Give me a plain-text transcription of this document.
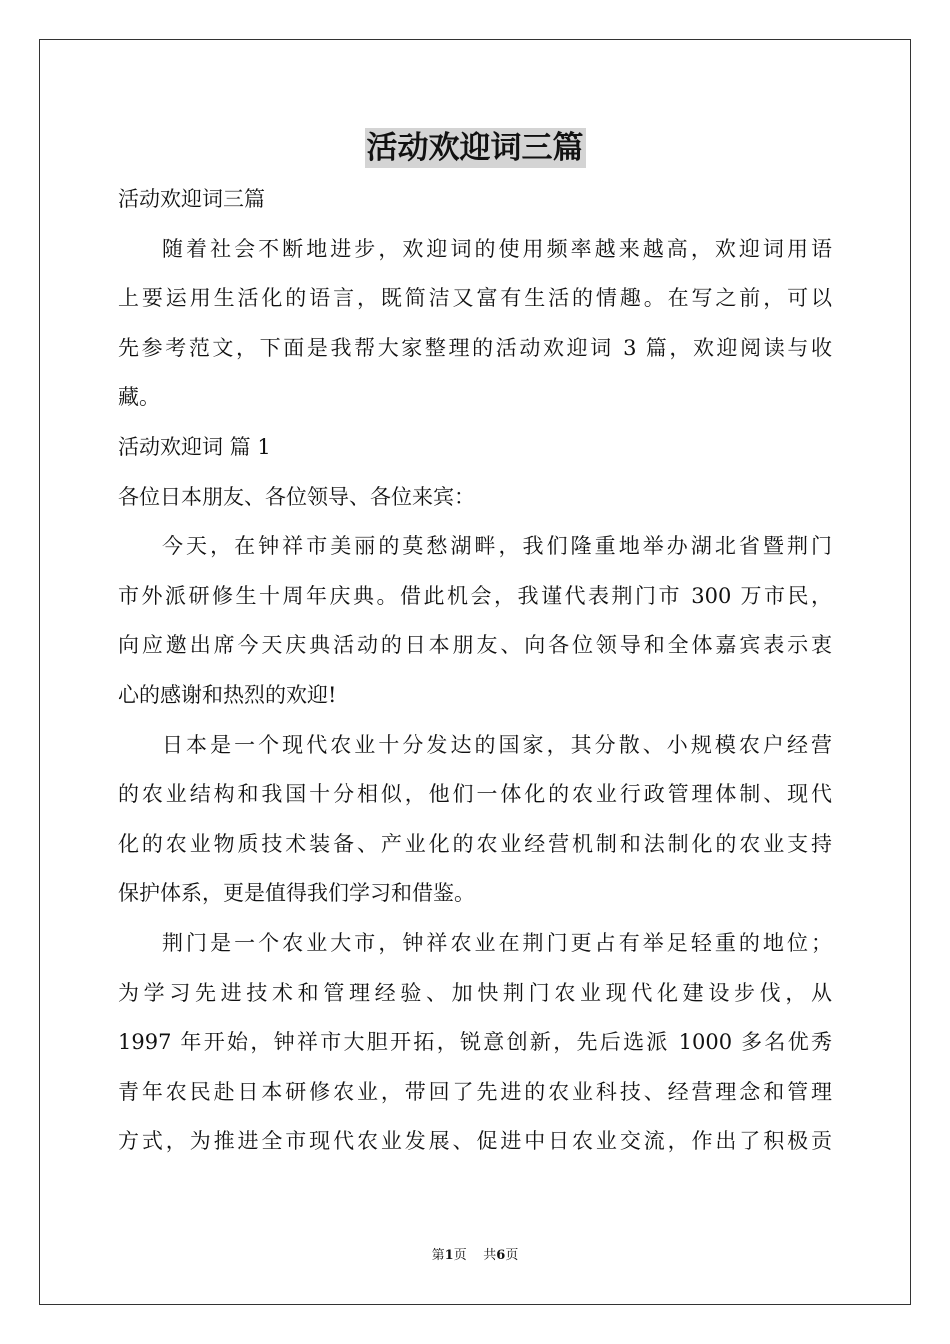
活动欢迎词三篇
活动欢迎词三篇
随着社会不断地进步，欢迎词的使用频率越来越高，欢迎词用语
上要运用生活化的语言，既简洁又富有生活的情趣。在写之前，可以
先参考范文，下面是我帮大家整理的活动欢迎词 3 篇，欢迎阅读与收
藏。
活动欢迎词 篇 1
各位日本朋友、各位领导、各位来宾：
今天，在钟祥市美丽的莫愁湖畔，我们隆重地举办湖北省暨荆门
市外派研修生十周年庆典。借此机会，我谨代表荆门市 300 万市民，
向应邀出席今天庆典活动的日本朋友、向各位领导和全体嘉宾表示衷
心的感谢和热烈的欢迎!
日本是一个现代农业十分发达的国家，其分散、小规模农户经营
的农业结构和我国十分相似，他们一体化的农业行政管理体制、现代
化的农业物质技术装备、产业化的农业经营机制和法制化的农业支持
保护体系，更是值得我们学习和借鉴。
荆门是一个农业大市，钟祥农业在荆门更占有举足轻重的地位；
为学习先进技术和管理经验、加快荆门农业现代化建设步伐，从
1997 年开始，钟祥市大胆开拓，锐意创新，先后选派 1000 多名优秀
青年农民赴日本研修农业，带回了先进的农业科技、经营理念和管理
方式，为推进全市现代农业发展、促进中日农业交流，作出了积极贡
第1页 共6页
